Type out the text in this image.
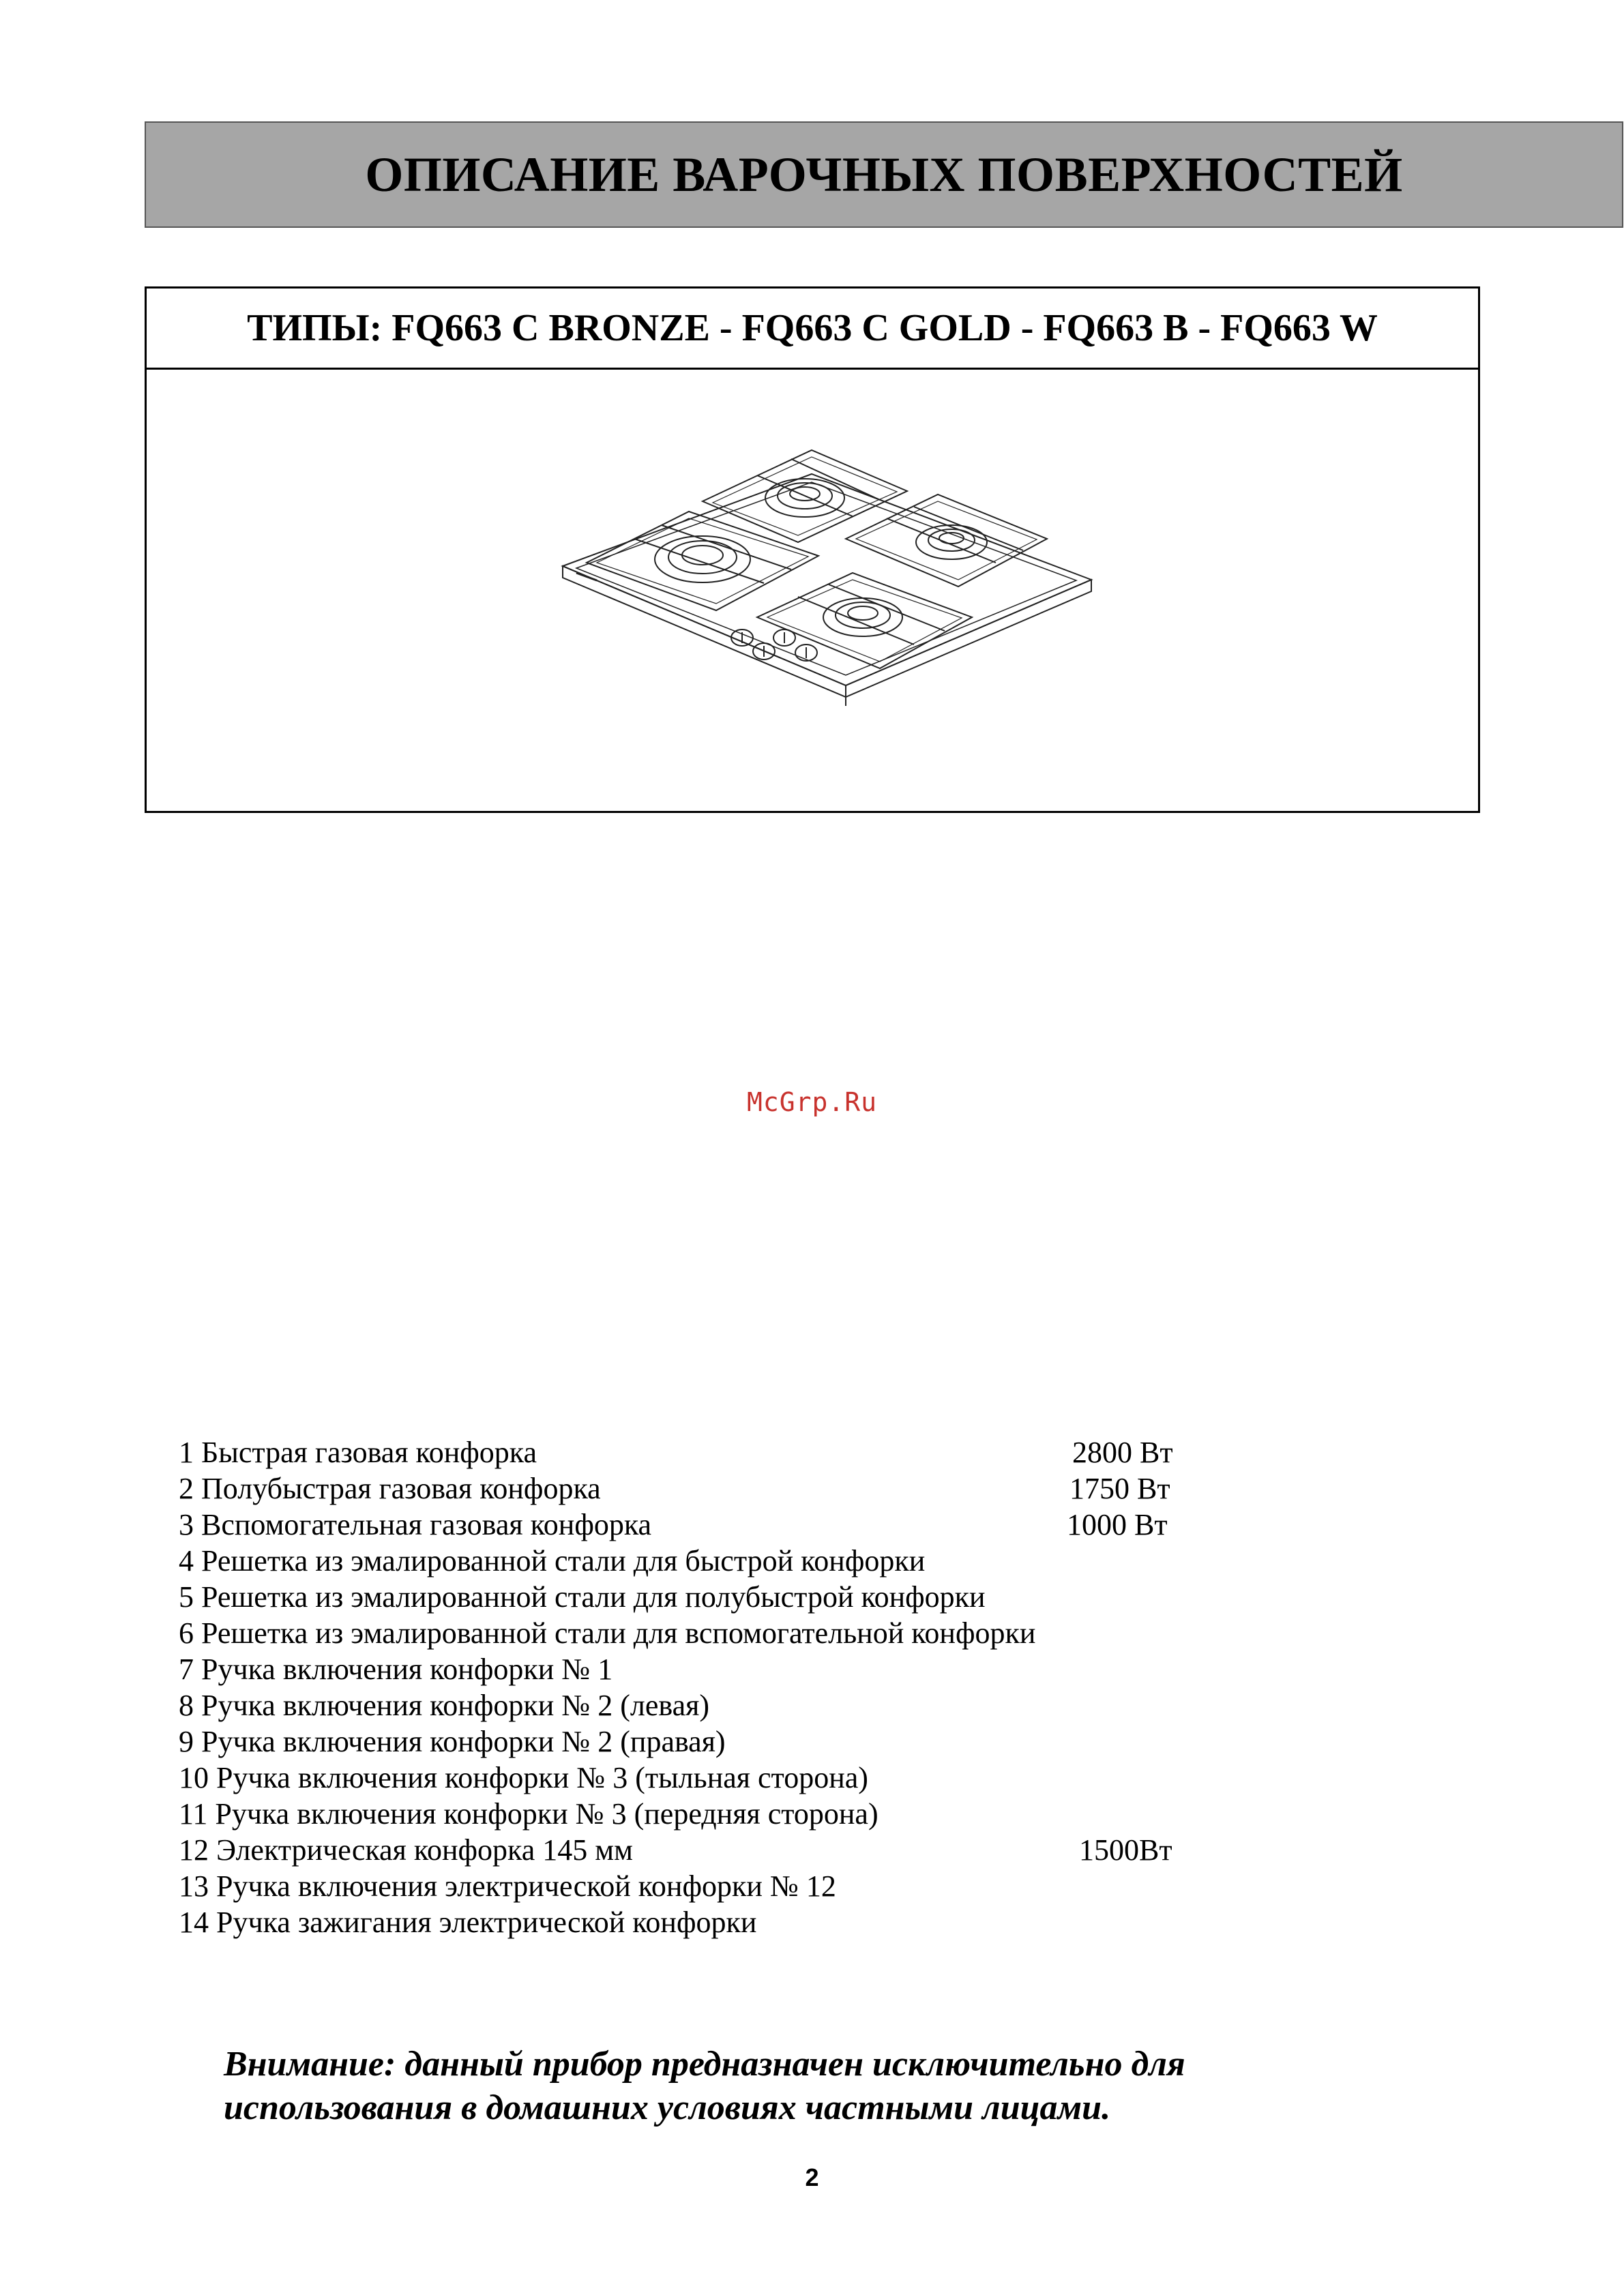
ОПИСАНИЕ ВАРОЧНЫХ ПОВЕРХНОСТЕЙ
ТИПЫ: FQ663 C BRONZE - FQ663 C GOLD - FQ663 B - FQ663 W
McGrp.Ru
1 Быстрая газовая конфорка	2800 Вт
2 Полубыстрая газовая конфорка	1750 Вт
3 Вспомогательная газовая конфорка	1000 Вт
4 Решетка из эмалированной стали для быстрой конфорки
5 Решетка из эмалированной стали для полубыстрой конфорки
6 Решетка из эмалированной стали для вспомогательной конфорки
7 Ручка включения конфорки № 1
8 Ручка включения конфорки № 2 (левая)
9 Ручка включения конфорки № 2 (правая)
10 Ручка включения конфорки № 3 (тыльная сторона)
11 Ручка включения конфорки № 3 (передняя сторона)
12 Электрическая конфорка 145 мм	1500Вт
13 Ручка включения электрической конфорки № 12
14 Ручка зажигания электрической конфорки
Внимание: данный прибор предназначен исключительно для
использования в домашних условиях частными лицами.
2
